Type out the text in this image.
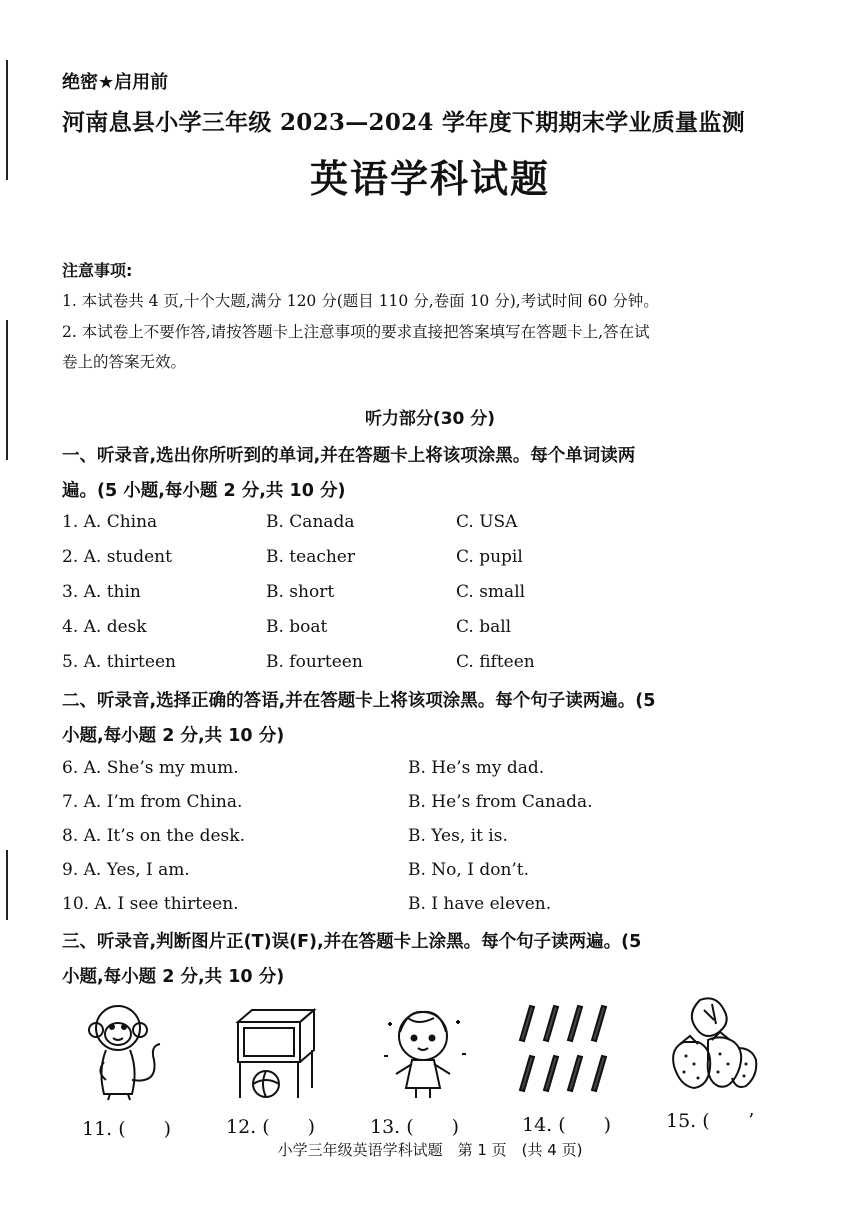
绝密★启用前
河南息县小学三年级 2023—2024 学年度下期期末学业质量监测
英语学科试题
注意事项:
1. 本试卷共 4 页,十个大题,满分 120 分(题目 110 分,卷面 10 分),考试时间 60 分钟。
2. 本试卷上不要作答,请按答题卡上注意事项的要求直接把答案填写在答题卡上,答在试
卷上的答案无效。
听力部分(30 分)
一、听录音,选出你所听到的单词,并在答题卡上将该项涂黑。每个单词读两
遍。(5 小题,每小题 2 分,共 10 分)
1. A. China	B. Canada	C. USA
2. A. student	B. teacher	C. pupil
3. A. thin	B. short	C. small
4. A. desk	B. boat	C. ball
5. A. thirteen	B. fourteen	C. fifteen
二、听录音,选择正确的答语,并在答题卡上将该项涂黑。每个句子读两遍。(5
小题,每小题 2 分,共 10 分)
6. A. She’s my mum.	B. He’s my dad.
7. A. I’m from China.	B. He’s from Canada.
8. A. It’s on the desk.	B. Yes, it is.
9. A. Yes, I am.	B. No, I don’t.
10. A. I see thirteen.	B. I have eleven.
三、听录音,判断图片正(T)误(F),并在答题卡上涂黑。每个句子读两遍。(5
小题,每小题 2 分,共 10 分)
11. (　　)	12. (　　)	13. (　　)	14. (　　)	15. (　　ʼ
小学三年级英语学科试题　第 1 页　(共 4 页)
